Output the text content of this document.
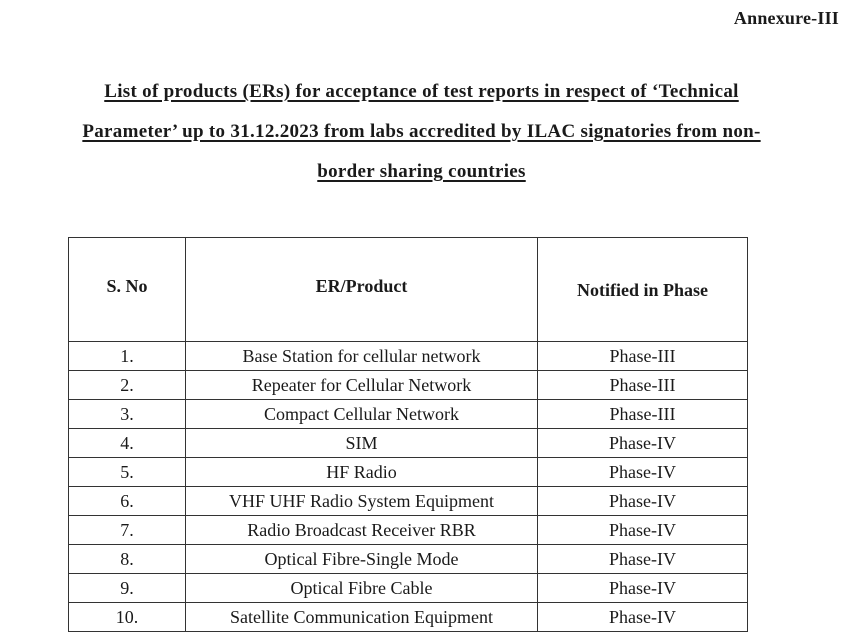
Annexure-III
List of products (ERs) for acceptance of test reports in respect of ‘Technical
Parameter’ up to 31.12.2023 from labs accredited by ILAC signatories from non-
border sharing countries
S. No	ER/Product	Notified in Phase
1.	Base Station for cellular network	Phase-III
2.	Repeater for Cellular Network	Phase-III
3.	Compact Cellular Network	Phase-III
4.	SIM	Phase-IV
5.	HF Radio	Phase-IV
6.	VHF UHF Radio System Equipment	Phase-IV
7.	Radio Broadcast Receiver RBR	Phase-IV
8.	Optical Fibre-Single Mode	Phase-IV
9.	Optical Fibre Cable	Phase-IV
10.	Satellite Communication Equipment	Phase-IV
